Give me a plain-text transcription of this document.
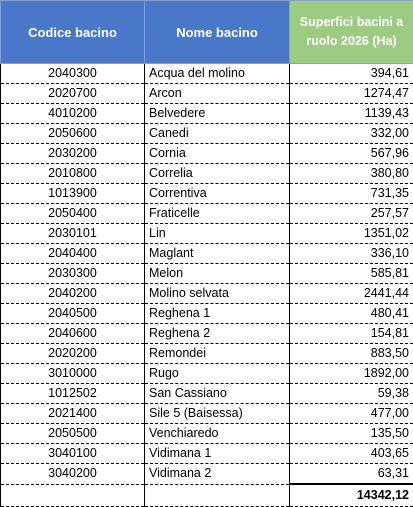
Codice bacino	Nome bacino	Superfici bacini a ruolo 2026 (Ha)
2040300	Acqua del molino	394,61
2020700	Arcon	1274,47
4010200	Belvedere	1139,43
2050600	Canedi	332,00
2030200	Cornia	567,96
2010800	Correlia	380,80
1013900	Correntiva	731,35
2050400	Fraticelle	257,57
2030101	Lin	1351,02
2040400	Maglant	336,10
2030300	Melon	585,81
2040200	Molino selvata	2441,44
2040500	Reghena 1	480,41
2040600	Reghena 2	154,81
2020200	Remondei	883,50
3010000	Rugo	1892,00
1012502	San Cassiano	59,38
2021400	Sile 5 (Baisessa)	477,00
2050500	Venchiaredo	135,50
3040100	Vidimana 1	403,65
3040200	Vidimana 2	63,31
		14342,12
